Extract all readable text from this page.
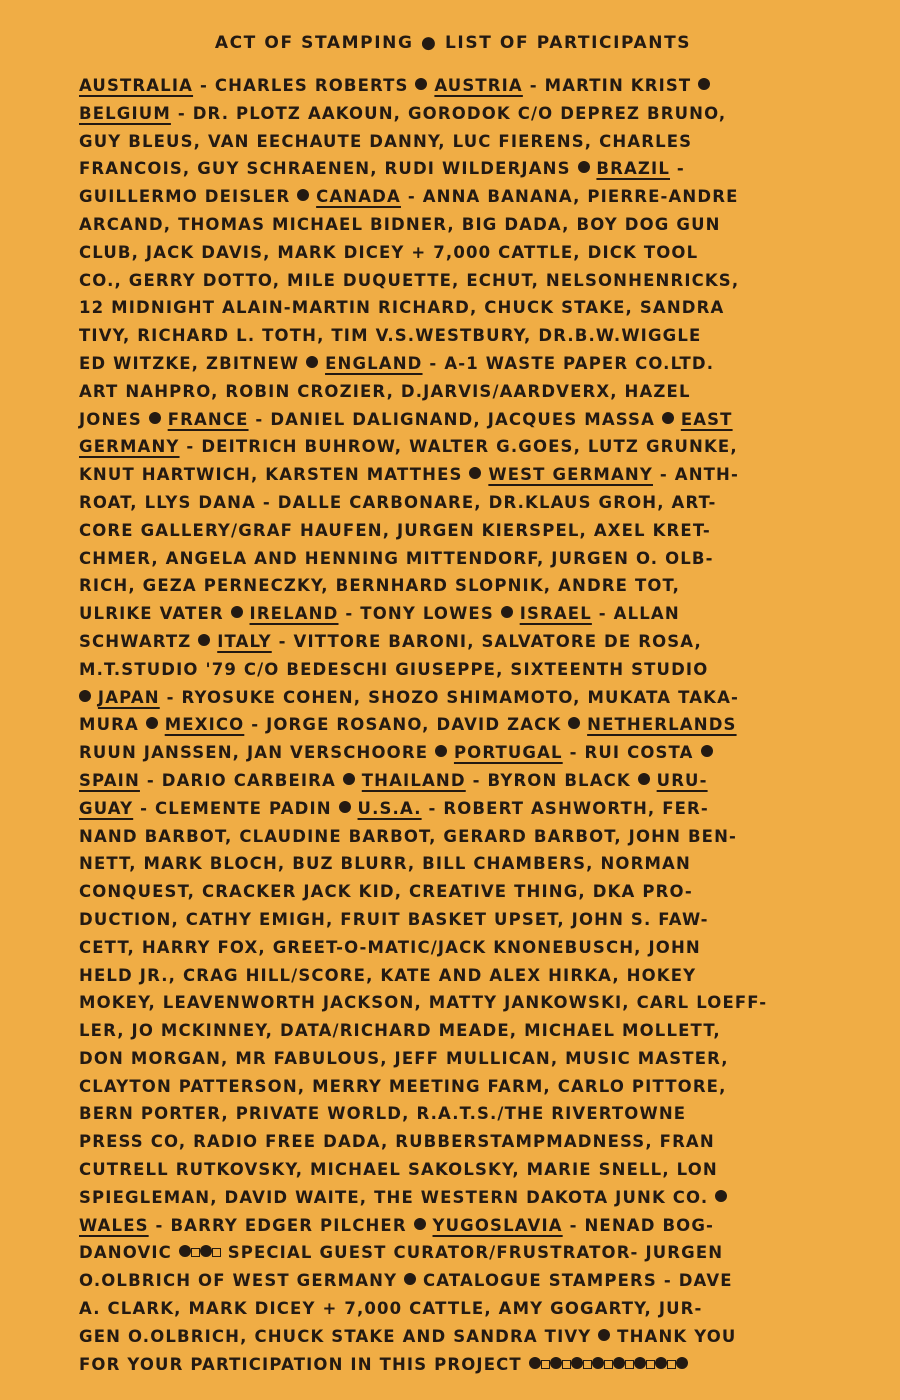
ACT OF STAMPING ● LIST OF PARTICIPANTS
AUSTRALIA - CHARLES ROBERTS  AUSTRIA - MARTIN KRIST
BELGIUM - DR. PLOTZ AAKOUN, GORODOK C/O DEPREZ BRUNO,
GUY BLEUS, VAN EECHAUTE DANNY, LUC FIERENS, CHARLES
FRANCOIS, GUY SCHRAENEN, RUDI WILDERJANS  BRAZIL -
GUILLERMO DEISLER  CANADA - ANNA BANANA, PIERRE-ANDRE
ARCAND, THOMAS MICHAEL BIDNER, BIG DADA, BOY DOG GUN
CLUB, JACK DAVIS, MARK DICEY + 7,000 CATTLE, DICK TOOL
CO., GERRY DOTTO, MILE DUQUETTE, ECHUT, NELSONHENRICKS,
12 MIDNIGHT ALAIN-MARTIN RICHARD, CHUCK STAKE, SANDRA
TIVY, RICHARD L. TOTH, TIM V.S.WESTBURY, DR.B.W.WIGGLE
ED WITZKE, ZBITNEW  ENGLAND - A-1 WASTE PAPER CO.LTD.
ART NAHPRO, ROBIN CROZIER, D.JARVIS/AARDVERX, HAZEL
JONES  FRANCE - DANIEL DALIGNAND, JACQUES MASSA  EAST
GERMANY - DEITRICH BUHROW, WALTER G.GOES, LUTZ GRUNKE,
KNUT HARTWICH, KARSTEN MATTHES  WEST GERMANY - ANTH-
ROAT, LLYS DANA - DALLE CARBONARE, DR.KLAUS GROH, ART-
CORE GALLERY/GRAF HAUFEN, JURGEN KIERSPEL, AXEL KRET-
CHMER, ANGELA AND HENNING MITTENDORF, JURGEN O. OLB-
RICH, GEZA PERNECZKY, BERNHARD SLOPNIK, ANDRE TOT,
ULRIKE VATER  IRELAND - TONY LOWES  ISRAEL - ALLAN
SCHWARTZ  ITALY - VITTORE BARONI, SALVATORE DE ROSA,
M.T.STUDIO '79 C/O BEDESCHI GIUSEPPE, SIXTEENTH STUDIO
JAPAN - RYOSUKE COHEN, SHOZO SHIMAMOTO, MUKATA TAKA-
MURA  MEXICO - JORGE ROSANO, DAVID ZACK  NETHERLANDS
RUUN JANSSEN, JAN VERSCHOORE  PORTUGAL - RUI COSTA
SPAIN - DARIO CARBEIRA  THAILAND - BYRON BLACK  URU-
GUAY - CLEMENTE PADIN  U.S.A. - ROBERT ASHWORTH, FER-
NAND BARBOT, CLAUDINE BARBOT, GERARD BARBOT, JOHN BEN-
NETT, MARK BLOCH, BUZ BLURR, BILL CHAMBERS, NORMAN
CONQUEST, CRACKER JACK KID, CREATIVE THING, DKA PRO-
DUCTION, CATHY EMIGH, FRUIT BASKET UPSET, JOHN S. FAW-
CETT, HARRY FOX, GREET-O-MATIC/JACK KNONEBUSCH, JOHN
HELD JR., CRAG HILL/SCORE, KATE AND ALEX HIRKA, HOKEY
MOKEY, LEAVENWORTH JACKSON, MATTY JANKOWSKI, CARL LOEFF-
LER, JO MCKINNEY, DATA/RICHARD MEADE, MICHAEL MOLLETT,
DON MORGAN, MR FABULOUS, JEFF MULLICAN, MUSIC MASTER,
CLAYTON PATTERSON, MERRY MEETING FARM, CARLO PITTORE,
BERN PORTER, PRIVATE WORLD, R.A.T.S./THE RIVERTOWNE
PRESS CO, RADIO FREE DADA, RUBBERSTAMPMADNESS, FRAN
CUTRELL RUTKOVSKY, MICHAEL SAKOLSKY, MARIE SNELL, LON
SPIEGLEMAN, DAVID WAITE, THE WESTERN DAKOTA JUNK CO.
WALES - BARRY EDGER PILCHER  YUGOSLAVIA - NENAD BOG-
DANOVIC	SPECIAL GUEST CURATOR/FRUSTRATOR- JURGEN
O.OLBRICH OF WEST GERMANY  CATALOGUE STAMPERS - DAVE
A. CLARK, MARK DICEY + 7,000 CATTLE, AMY GOGARTY, JUR-
GEN O.OLBRICH, CHUCK STAKE AND SANDRA TIVY  THANK YOU
FOR YOUR PARTICIPATION IN THIS PROJECT
